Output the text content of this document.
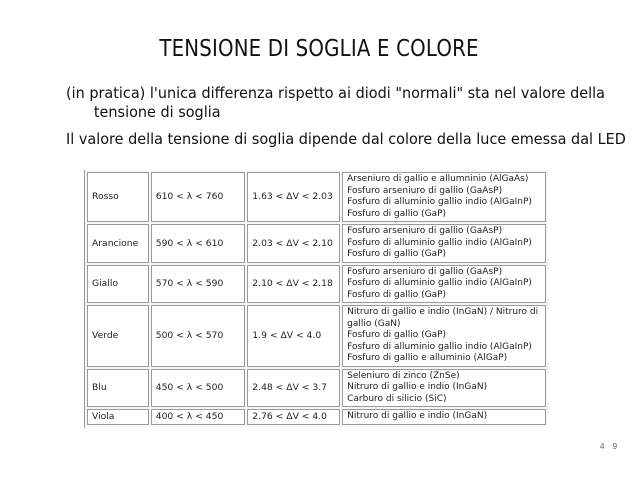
TENSIONE DI SOGLIA E COLORE
(in pratica) l'unica differenza rispetto ai diodi "normali" sta nel valore della tensione di soglia
Il valore della tensione di soglia dipende dal colore della luce emessa dal LED
Rosso	610 < λ < 760	1.63 < ΔV < 2.03	Arseniuro di gallio e allumninio (AlGaAs)
Fosfuro arseniuro di gallio (GaAsP)
Fosfuro di alluminio gallio indio (AlGaInP)
Fosfuro di gallio (GaP)

Arancione	590 < λ < 610	2.03 < ΔV < 2.10	Fosfuro arseniuro di gallio (GaAsP)
Fosfuro di alluminio gallio indio (AlGaInP)
Fosfuro di gallio (GaP)

Giallo	570 < λ < 590	2.10 < ΔV < 2.18	Fosfuro arseniuro di gallio (GaAsP)
Fosfuro di alluminio gallio indio (AlGaInP)
Fosfuro di gallio (GaP)

Verde	500 < λ < 570	1.9 < ΔV < 4.0	Nitruro di gallio e indio (InGaN) / Nitruro di
gallio (GaN)
Fosfuro di gallio (GaP)
Fosfuro di alluminio gallio indio (AlGaInP)
Fosfuro di gallio e alluminio (AlGaP)

Blu	450 < λ < 500	2.48 < ΔV < 3.7	Seleniuro di zinco (ZnSe)
Nitruro di gallio e indio (InGaN)
Carburo di silicio (SiC)

Viola	400 < λ < 450	2.76 < ΔV < 4.0	Nitruro di gallio e indio (InGaN)
4 9
